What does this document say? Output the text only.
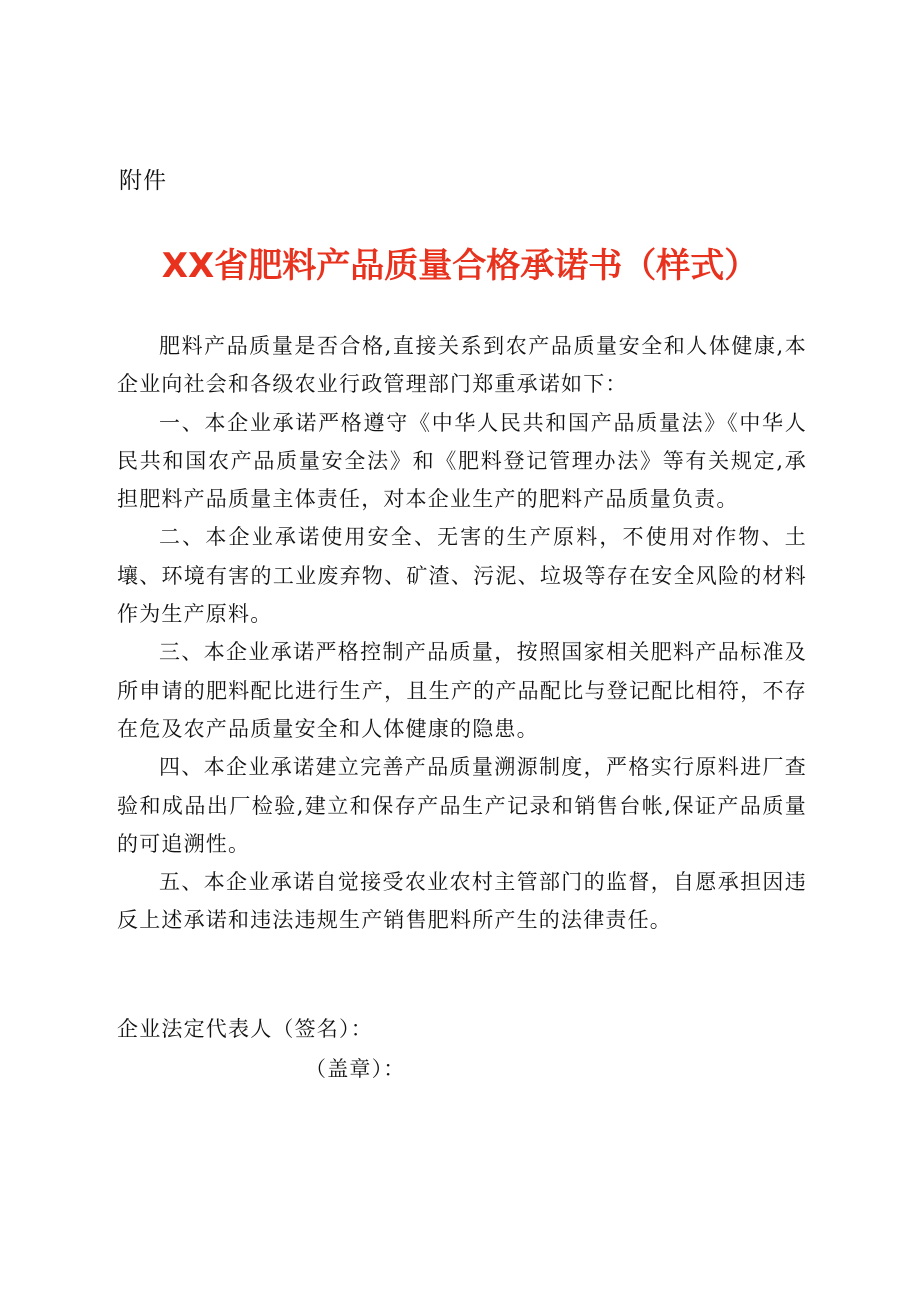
附件

XX省肥料产品质量合格承诺书（样式）

肥料产品质量是否合格,直接关系到农产品质量安全和人体健康,本企业向社会和各级农业行政管理部门郑重承诺如下：

一、本企业承诺严格遵守《中华人民共和国产品质量法》《中华人民共和国农产品质量安全法》和《肥料登记管理办法》等有关规定,承担肥料产品质量主体责任，对本企业生产的肥料产品质量负责。

二、本企业承诺使用安全、无害的生产原料，不使用对作物、土壤、环境有害的工业废弃物、矿渣、污泥、垃圾等存在安全风险的材料作为生产原料。

三、本企业承诺严格控制产品质量，按照国家相关肥料产品标准及所申请的肥料配比进行生产，且生产的产品配比与登记配比相符，不存在危及农产品质量安全和人体健康的隐患。

四、本企业承诺建立完善产品质量溯源制度，严格实行原料进厂查验和成品出厂检验,建立和保存产品生产记录和销售台帐,保证产品质量的可追溯性。

五、本企业承诺自觉接受农业农村主管部门的监督，自愿承担因违反上述承诺和违法违规生产销售肥料所产生的法律责任。

企业法定代表人（签名）：

（盖章）：
